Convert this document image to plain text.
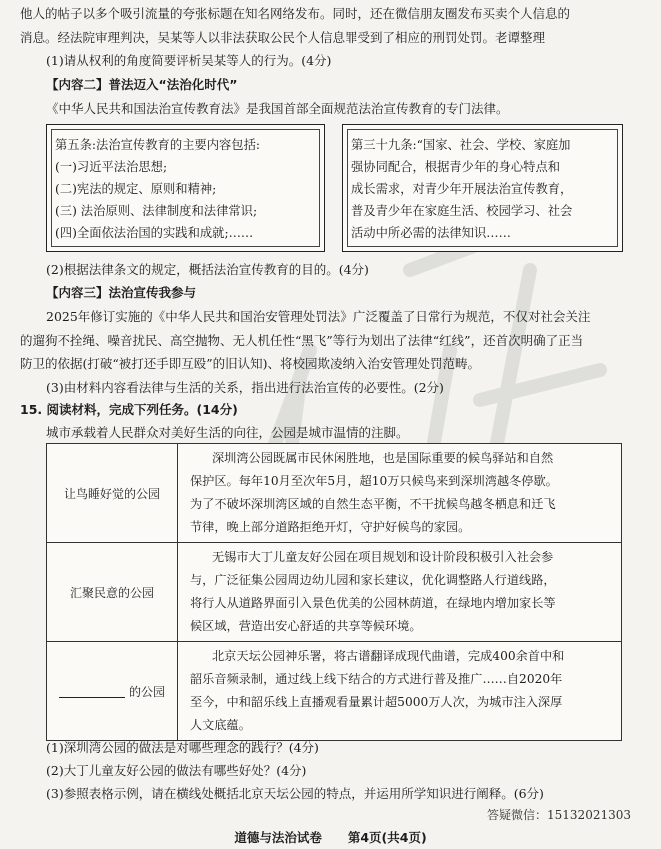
他人的帖子以多个吸引流量的夸张标题在知名网络发布。同时，还在微信朋友圈发布买卖个人信息的
消息。经法院审理判决，吴某等人以非法获取公民个人信息罪受到了相应的刑罚处罚。老谭整理
(1)请从权利的角度简要评析吴某等人的行为。(4分)
【内容二】普法迈入“法治化时代”
《中华人民共和国法治宣传教育法》是我国首部全面规范法治宣传教育的专门法律。
第五条:法治宣传教育的主要内容包括:
(一)习近平法治思想;
(二)宪法的规定、原则和精神;
(三) 法治原则、法律制度和法律常识;
(四)全面依法治国的实践和成就;……
第三十九条:“国家、社会、学校、家庭加
强协同配合，根据青少年的身心特点和
成长需求，对青少年开展法治宣传教育，
普及青少年在家庭生活、校园学习、社会
活动中所必需的法律知识……
(2)根据法律条文的规定，概括法治宣传教育的目的。(4分)
【内容三】法治宣传我参与
2025年修订实施的《中华人民共和国治安管理处罚法》广泛覆盖了日常行为规范，不仅对社会关注
的遛狗不拴绳、噪音扰民、高空抛物、无人机任性“黑飞”等行为划出了法律“红线”，还首次明确了正当
防卫的依据(打破“被打还手即互殴”的旧认知)、将校园欺凌纳入治安管理处罚范畴。
(3)由材料内容看法律与生活的关系，指出进行法治宣传的必要性。(2分)
15. 阅读材料，完成下列任务。(14分)
城市承载着人民群众对美好生活的向往，公园是城市温情的注脚。
让鸟睡好觉的公园	深圳湾公园既属市民休闲胜地，也是国际重要的候鸟驿站和自然
保护区。每年10月至次年5月，超10万只候鸟来到深圳湾越冬停歇。
为了不破坏深圳湾区域的自然生态平衡，不干扰候鸟越冬栖息和迁飞
节律，晚上部分道路拒绝开灯，守护好候鸟的家园。

汇聚民意的公园	无锡市大丁儿童友好公园在项目规划和设计阶段积极引入社会参
与，广泛征集公园周边幼儿园和家长建议，优化调整路人行道线路，
将行人从道路界面引入景色优美的公园林荫道，在绿地内增加家长等
候区域，营造出安心舒适的共享等候环境。

的公园	北京天坛公园神乐署，将古谱翻译成现代曲谱，完成400余首中和
韶乐音频录制，通过线上线下结合的方式进行普及推广……自2020年
至今，中和韶乐线上直播观看量累计超5000万人次，为城市注入深厚
人文底蕴。
(1)深圳湾公园的做法是对哪些理念的践行？(4分)
(2)大丁儿童友好公园的做法有哪些好处？(4分)
(3)参照表格示例，请在横线处概括北京天坛公园的特点，并运用所学知识进行阐释。(6分)
答疑微信：15132021303
道德与法治试卷 第4页(共4页)
